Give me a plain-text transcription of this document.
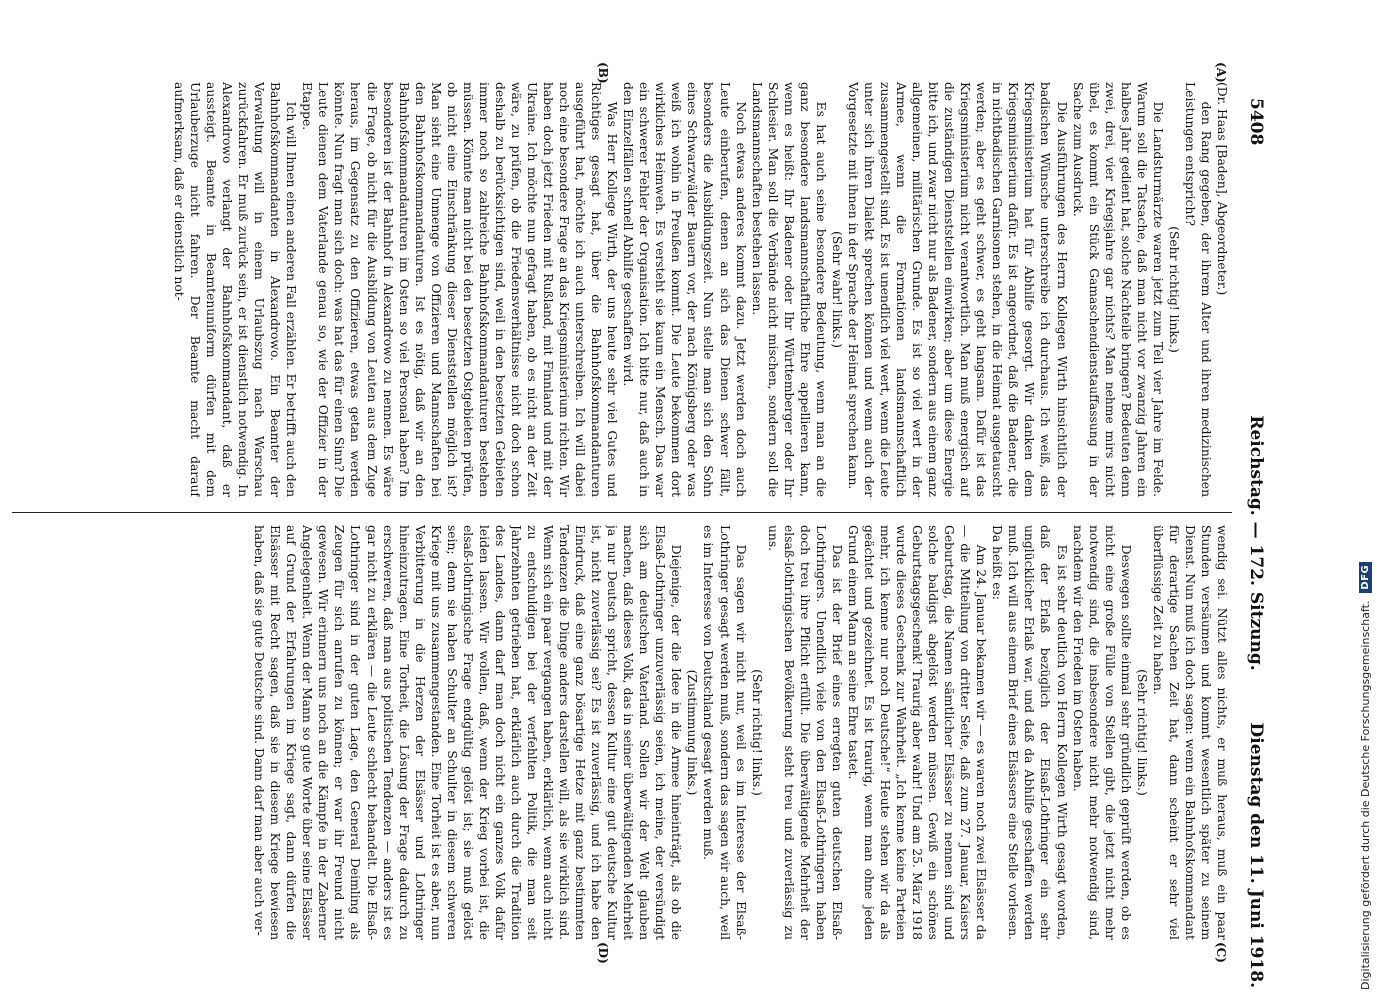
5408
Reichstag. — 172. Sitzung.
Dienstag den 11. Juni 1918.
(A)
(B)
(C)
(D)

(Dr. Haas [Baden], Abgeordneter.)

den Rang gegeben, der ihrem Alter und ihren medizinischen Leistungen entspricht?

(Sehr richtig! links.)

Die Landsturmärzte waren jetzt zum Teil vier Jahre im Felde. Warum soll die Tatsache, daß man nicht vor zwanzig Jahren ein halbes Jahr gedient hat, solche Nachteile bringen? Bedeuten denn zwei, drei, vier Kriegsjahre gar nichts? Man nehme mirs nicht übel, es kommt ein Stück Gamaschendienstauffassung in der Sache zum Ausdruck.

Die Ausführungen des Herrn Kollegen Wirth hinsichtlich der badischen Wünsche unterschreibe ich durchaus. Ich weiß, das Kriegsministerium hat für Abhilfe gesorgt. Wir danken dem Kriegsministerium dafür. Es ist angeordnet, daß die Badener, die in nichtbadischen Garnisonen stehen, in die Heimat ausgetauscht werden; aber es geht schwer, es geht langsam. Dafür ist das Kriegsministerium nicht verantwortlich. Man muß energisch auf die zuständigen Dienststellen einwirken; aber um diese Energie bitte ich, und zwar nicht nur als Badener, sondern aus einem ganz allgemeinen, militärischen Grunde. Es ist so viel wert in der Armee, wenn die Formationen landsmannschaftlich zusammengestellt sind. Es ist unendlich viel wert, wenn die Leute unter sich ihren Dialekt sprechen können und wenn auch der Vorgesetzte mit ihnen in der Sprache der Heimat sprechen kann.

(Sehr wahr! links.)

Es hat auch seine besondere Bedeutung, wenn man an die ganz besondere landsmannschaftliche Ehre appellieren kann, wenn es heißt: Ihr Badener oder Ihr Württemberger oder Ihr Schlesier. Man soll die Verbände nicht mischen, sondern soll die Landsmannschaften bestehen lassen.

Noch etwas anderes kommt dazu. Jetzt werden doch auch Leute einberufen, denen an sich das Dienen schwer fällt, besonders die Ausbildungszeit. Nun stelle man sich den Sohn eines Schwarzwälder Bauern vor, der nach Königsberg oder was weiß ich wohin in Preußen kommt. Die Leute bekommen dort wirkliches Heimweh. Es versteht sie kaum ein Mensch. Das war ein schwerer Fehler der Organisation. Ich bitte nur, daß auch in den Einzelfällen schnell Abhilfe geschaffen wird.

Was Herr Kollege Wirth, der uns heute sehr viel Gutes und Richtiges gesagt hat, über die Bahnhofskommandanturen ausgeführt hat, möchte ich auch unterschreiben. Ich will dabei noch eine besondere Frage an das Kriegsministerium richten. Wir haben doch jetzt Frieden mit Rußland, mit Finnland und mit der Ukraine. Ich möchte nun gefragt haben, ob es nicht an der Zeit wäre, zu prüfen, ob die Friedensverhältnisse nicht doch schon deshalb zu berücksichtigen sind, weil in den besetzten Gebieten immer noch so zahlreiche Bahnhofskommandanturen bestehen müssen. Könnte man nicht bei den besetzten Ostgebieten prüfen, ob nicht eine Einschränkung dieser Dienststellen möglich ist? Man sieht eine Unmenge von Offizieren und Mannschaften bei den Bahnhofskommandanturen. Ist es nötig, daß wir an den Bahnhofskommandanturen im Osten so viel Personal haben? Im besonderen ist der Bahnhof in Alexandrowo zu nennen. Es wäre die Frage, ob nicht für die Ausbildung von Leuten aus dem Zuge heraus, im Gegensatz zu den Offizieren, etwas getan werden könnte. Nun fragt man sich doch: was hat das für einen Sinn? Die Leute dienen dem Vaterlande genau so, wie der Offizier in der Etappe.

Ich will Ihnen einen anderen Fall erzählen. Er betrifft auch den Bahnhofskommandanten in Alexandrowo. Ein Beamter der Verwaltung will in einem Urlaubszug nach Warschau zurückfahren. Er muß zurück sein, er ist dienstlich notwendig. In Alexandrowo verlangt der Bahnhofskommandant, daß er aussteigt. Beamte in Beamtenuniform dürfen mit dem Urlauberzuge nicht fahren. Der Beamte macht darauf aufmerksam, daß er dienstlich not-

wendig sei. Nützt alles nichts, er muß heraus, muß ein paar Stunden versäumen und kommt wesentlich später zu seinem Dienst. Nun muß ich doch sagen: wenn ein Bahnhofskommandant für derartige Sachen Zeit hat, dann scheint er sehr viel überflüssige Zeit zu haben.

(Sehr richtig! links.)

Deswegen sollte einmal sehr gründlich geprüft werden, ob es nicht eine große Fülle von Stellen gibt, die jetzt nicht mehr notwendig sind, die insbesondere nicht mehr notwendig sind, nachdem wir den Frieden im Osten haben.

Es ist sehr deutlich von Herrn Kollegen Wirth gesagt worden, daß der Erlaß bezüglich der Elsaß-Lothringer ein sehr unglücklicher Erlaß war, und daß da Abhilfe geschaffen werden muß. Ich will aus einem Brief eines Elsässers eine Stelle vorlesen. Da heißt es:

Am 24. Januar bekamen wir — es waren noch zwei Elsässer da — die Mitteilung von dritter Seite, daß zum 27. Januar, Kaisers Geburtstag, die Namen sämtlicher Elsässer zu nennen sind und solche baldigst abgelöst werden müssen. Gewiß ein schönes Geburtstagsgeschenk! Traurig aber wahr! Und am 25. März 1918 wurde dieses Geschenk zur Wahrheit. „Ich kenne keine Parteien mehr, ich kenne nur noch Deutsche!“ Heute stehen wir da als geächtet und gezeichnet. Es ist traurig, wenn man ohne jeden Grund einem Mann an seine Ehre tastet.

Das ist der Brief eines erregten guten deutschen Elsaß-Lothringers. Unendlich viele von den Elsaß-Lothringern haben doch treu ihre Pflicht erfüllt. Die überwältigende Mehrheit der elsaß-lothringischen Bevölkerung steht treu und zuverlässig zu uns.

(Sehr richtig! links.)

Das sagen wir nicht nur, weil es im Interesse der Elsaß-Lothringer gesagt werden muß, sondern das sagen wir auch, weil es im Interesse von Deutschland gesagt werden muß.

(Zustimmung links.)

Diejenige, der die Idee in die Armee hineinträgt, als ob die Elsaß-Lothringer unzuverlässig seien, ich meine, der versündigt sich am deutschen Vaterland. Sollen wir der Welt glauben machen, daß dieses Volk, das in seiner überwältigenden Mehrheit ja nur Deutsch spricht, dessen Kultur eine gut deutsche Kultur ist, nicht zuverlässig sei? Es ist zuverlässig, und ich habe den Eindruck, daß eine ganz bösartige Hetze mit ganz bestimmten Tendenzen die Dinge anders darstellen will, als sie wirklich sind. Wenn sich ein paar vergangen haben, erklärlich, wenn auch nicht zu entschuldigen bei der verfehlten Politik, die man seit Jahrzehnten getrieben hat, erklärlich auch durch die Tradition des Landes, dann darf man doch nicht ein ganzes Volk dafür leiden lassen. Wir wollen, daß, wenn der Krieg vorbei ist, die elsaß-lothringische Frage endgültig gelöst ist; sie muß gelöst sein; denn sie haben Schulter an Schulter in diesem schweren Kriege mit uns zusammengestanden. Eine Torheit ist es aber, nun Verbitterung in die Herzen der Elsässer und Lothringer hineinzutragen. Eine Torheit, die Lösung der Frage dadurch zu erschweren, daß man aus politischen Tendenzen — anders ist es gar nicht zu erklären — die Leute schlecht behandelt. Die Elsaß-Lothringer sind in der guten Lage, den General Deimling als Zeugen für sich anrufen zu können; er war ihr Freund nicht gewesen. Wir erinnern uns noch an die Kämpfe in der Zaberner Angelegenheit. Wenn der Mann so gute Worte über seine Elsässer auf Grund der Erfahrungen im Kriege sagt, dann dürfen die Elsässer mit Recht sagen, daß sie in diesem Kriege bewiesen haben, daß sie gute Deutsche sind. Dann darf man aber auch ver-	Digitalisierung gefördert durch die Deutsche Forschungsgemeinschaft.
DFG
